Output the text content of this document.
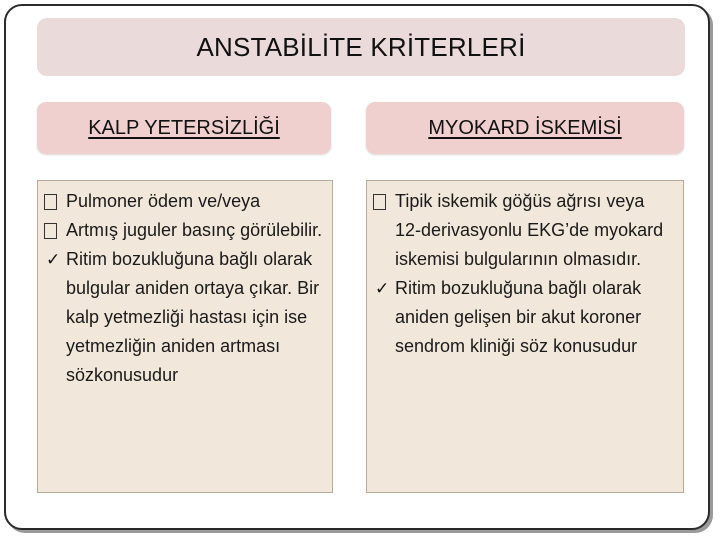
ANSTABİLİTE KRİTERLERİ
KALP YETERSİZLİĞİ	MYOKARD İSKEMİSİ
Pulmoner ödem ve/veya
Artmış juguler basınç görülebilir.
✓ Ritim bozukluğuna bağlı olarak bulgular aniden ortaya çıkar. Bir kalp yetmezliği hastası için ise yetmezliğin aniden artması sözkonusudur
Tipik iskemik göğüs ağrısı veya 12-derivasyonlu EKG’de myokard iskemisi bulgularının olmasıdır.
✓ Ritim bozukluğuna bağlı olarak aniden gelişen bir akut koroner sendrom kliniği söz konusudur
